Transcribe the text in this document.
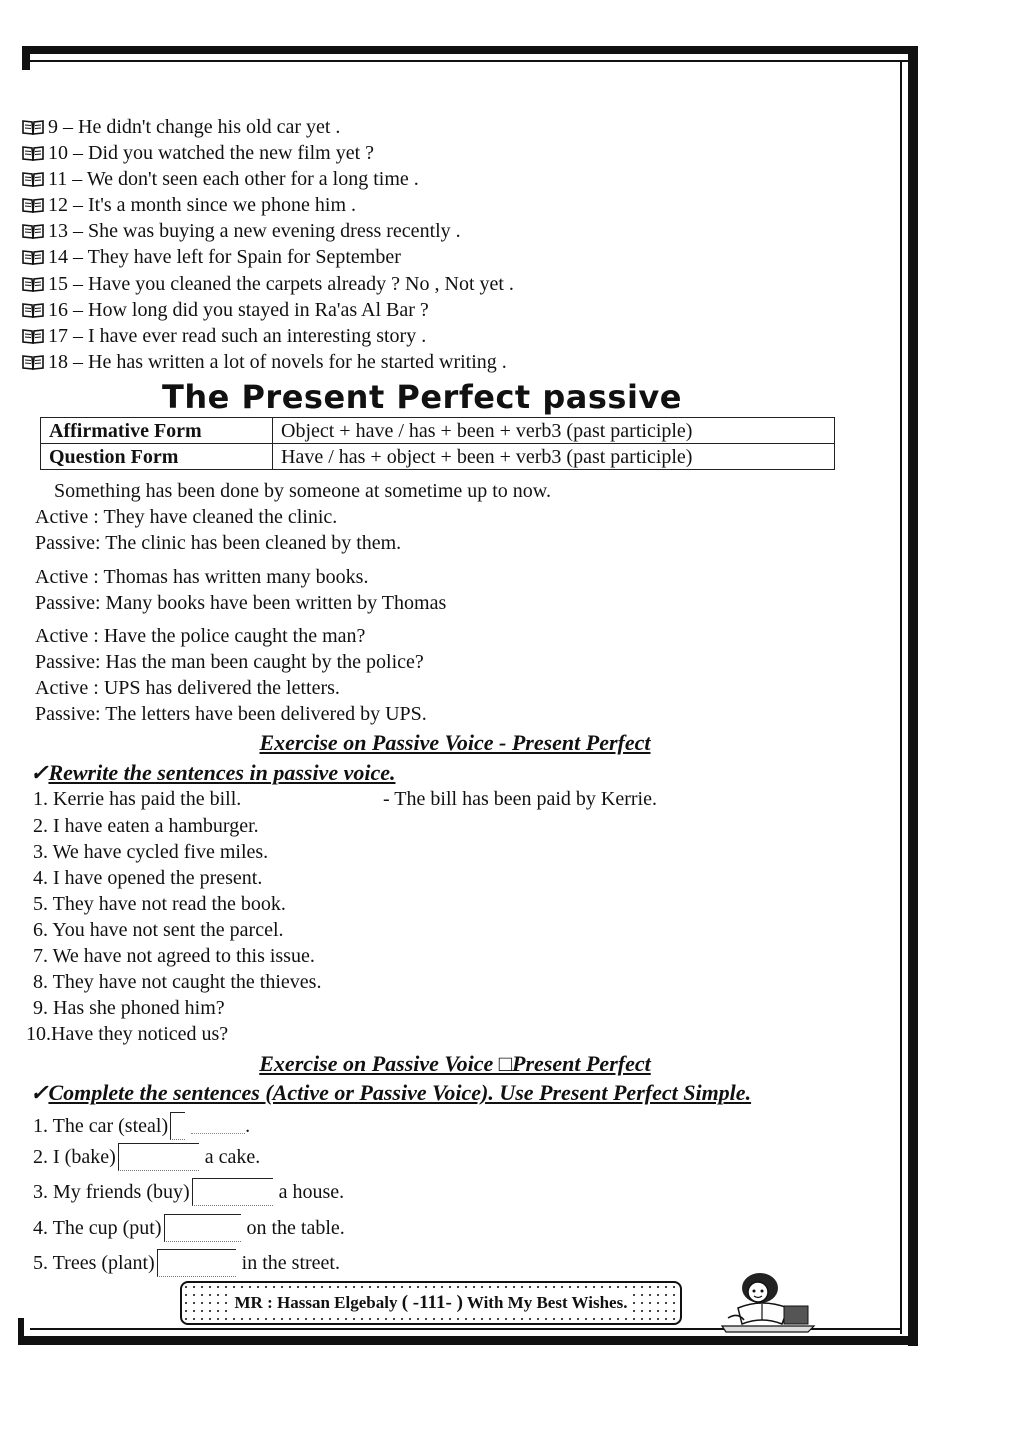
9 – He didn't change his old car yet .
10 – Did you watched the new film yet ?
11 – We don't seen each other for a long time .
12 – It's a month since we phone him .
13 – She was buying a new evening dress recently .
14 – They have left for Spain for September
15 – Have you cleaned the carpets already ? No , Not yet .
16 – How long did you stayed in Ra'as Al Bar ?
17 – I have ever read such an interesting story .
18 – He has written a lot of novels for he started writing .
The Present Perfect passive
Affirmative Form	Object + have / has + been + verb3 (past participle)
Question Form	Have / has + object + been + verb3 (past participle)
Something has been done by someone at sometime up to now.
Active : They have cleaned the clinic.
Passive: The clinic has been cleaned by them.
Active : Thomas has written many books.
Passive: Many books have been written by Thomas
Active : Have the police caught the man?
Passive: Has the man been caught by the police?
Active : UPS has delivered the letters.
Passive: The letters have been delivered by UPS.
Exercise on Passive Voice - Present Perfect
✓Rewrite the sentences in passive voice.
1. Kerrie has paid the bill.
2. I have eaten a hamburger.
3. We have cycled five miles.
4. I have opened the present.
5. They have not read the book.
6. You have not sent the parcel.
7. We have not agreed to this issue.
8. They have not caught the thieves.
9. Has she phoned him?
10.Have they noticed us?
- The bill has been paid by Kerrie.
Exercise on Passive Voice □Present Perfect
✓Complete the sentences (Active or Passive Voice). Use Present Perfect Simple.
1. The car (steal)	.
2. I (bake)	a cake.
3. My friends (buy)	a house.
4. The cup (put)	on the table.
5. Trees (plant)	in the street.
MR : Hassan Elgebaly ( -111- ) With My Best Wishes.
